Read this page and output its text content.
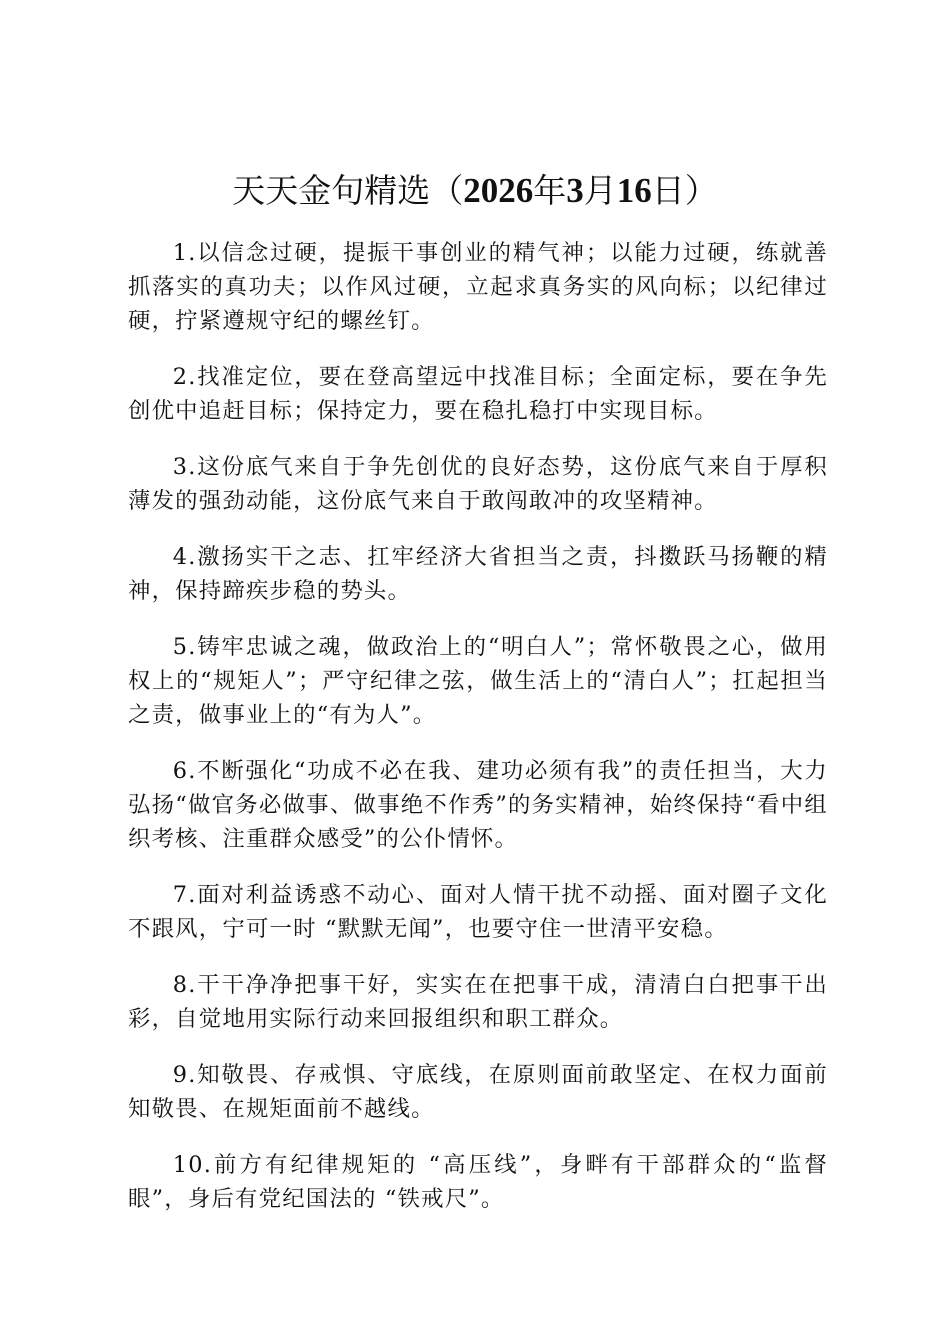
天天金句精选（2026年3月16日）

1.以信念过硬，提振干事创业的精气神；以能力过硬，练就善抓落实的真功夫；以作风过硬，立起求真务实的风向标；以纪律过硬，拧紧遵规守纪的螺丝钉。

2.找准定位，要在登高望远中找准目标；全面定标，要在争先创优中追赶目标；保持定力，要在稳扎稳打中实现目标。

3.这份底气来自于争先创优的良好态势，这份底气来自于厚积薄发的强劲动能，这份底气来自于敢闯敢冲的攻坚精神。

4.激扬实干之志、扛牢经济大省担当之责，抖擞跃马扬鞭的精神，保持蹄疾步稳的势头。

5.铸牢忠诚之魂，做政治上的“明白人”；常怀敬畏之心，做用权上的“规矩人”；严守纪律之弦，做生活上的“清白人”；扛起担当之责，做事业上的“有为人”。

6.不断强化“功成不必在我、建功必须有我”的责任担当，大力弘扬“做官务必做事、做事绝不作秀”的务实精神，始终保持“看中组织考核、注重群众感受”的公仆情怀。

7.面对利益诱惑不动心、面对人情干扰不动摇、面对圈子文化不跟风，宁可一时 “默默无闻”，也要守住一世清平安稳。

8.干干净净把事干好，实实在在把事干成，清清白白把事干出彩，自觉地用实际行动来回报组织和职工群众。

9.知敬畏、存戒惧、守底线，在原则面前敢坚定、在权力面前知敬畏、在规矩面前不越线。

10.前方有纪律规矩的 “高压线”，身畔有干部群众的“监督眼”，身后有党纪国法的 “铁戒尺”。
